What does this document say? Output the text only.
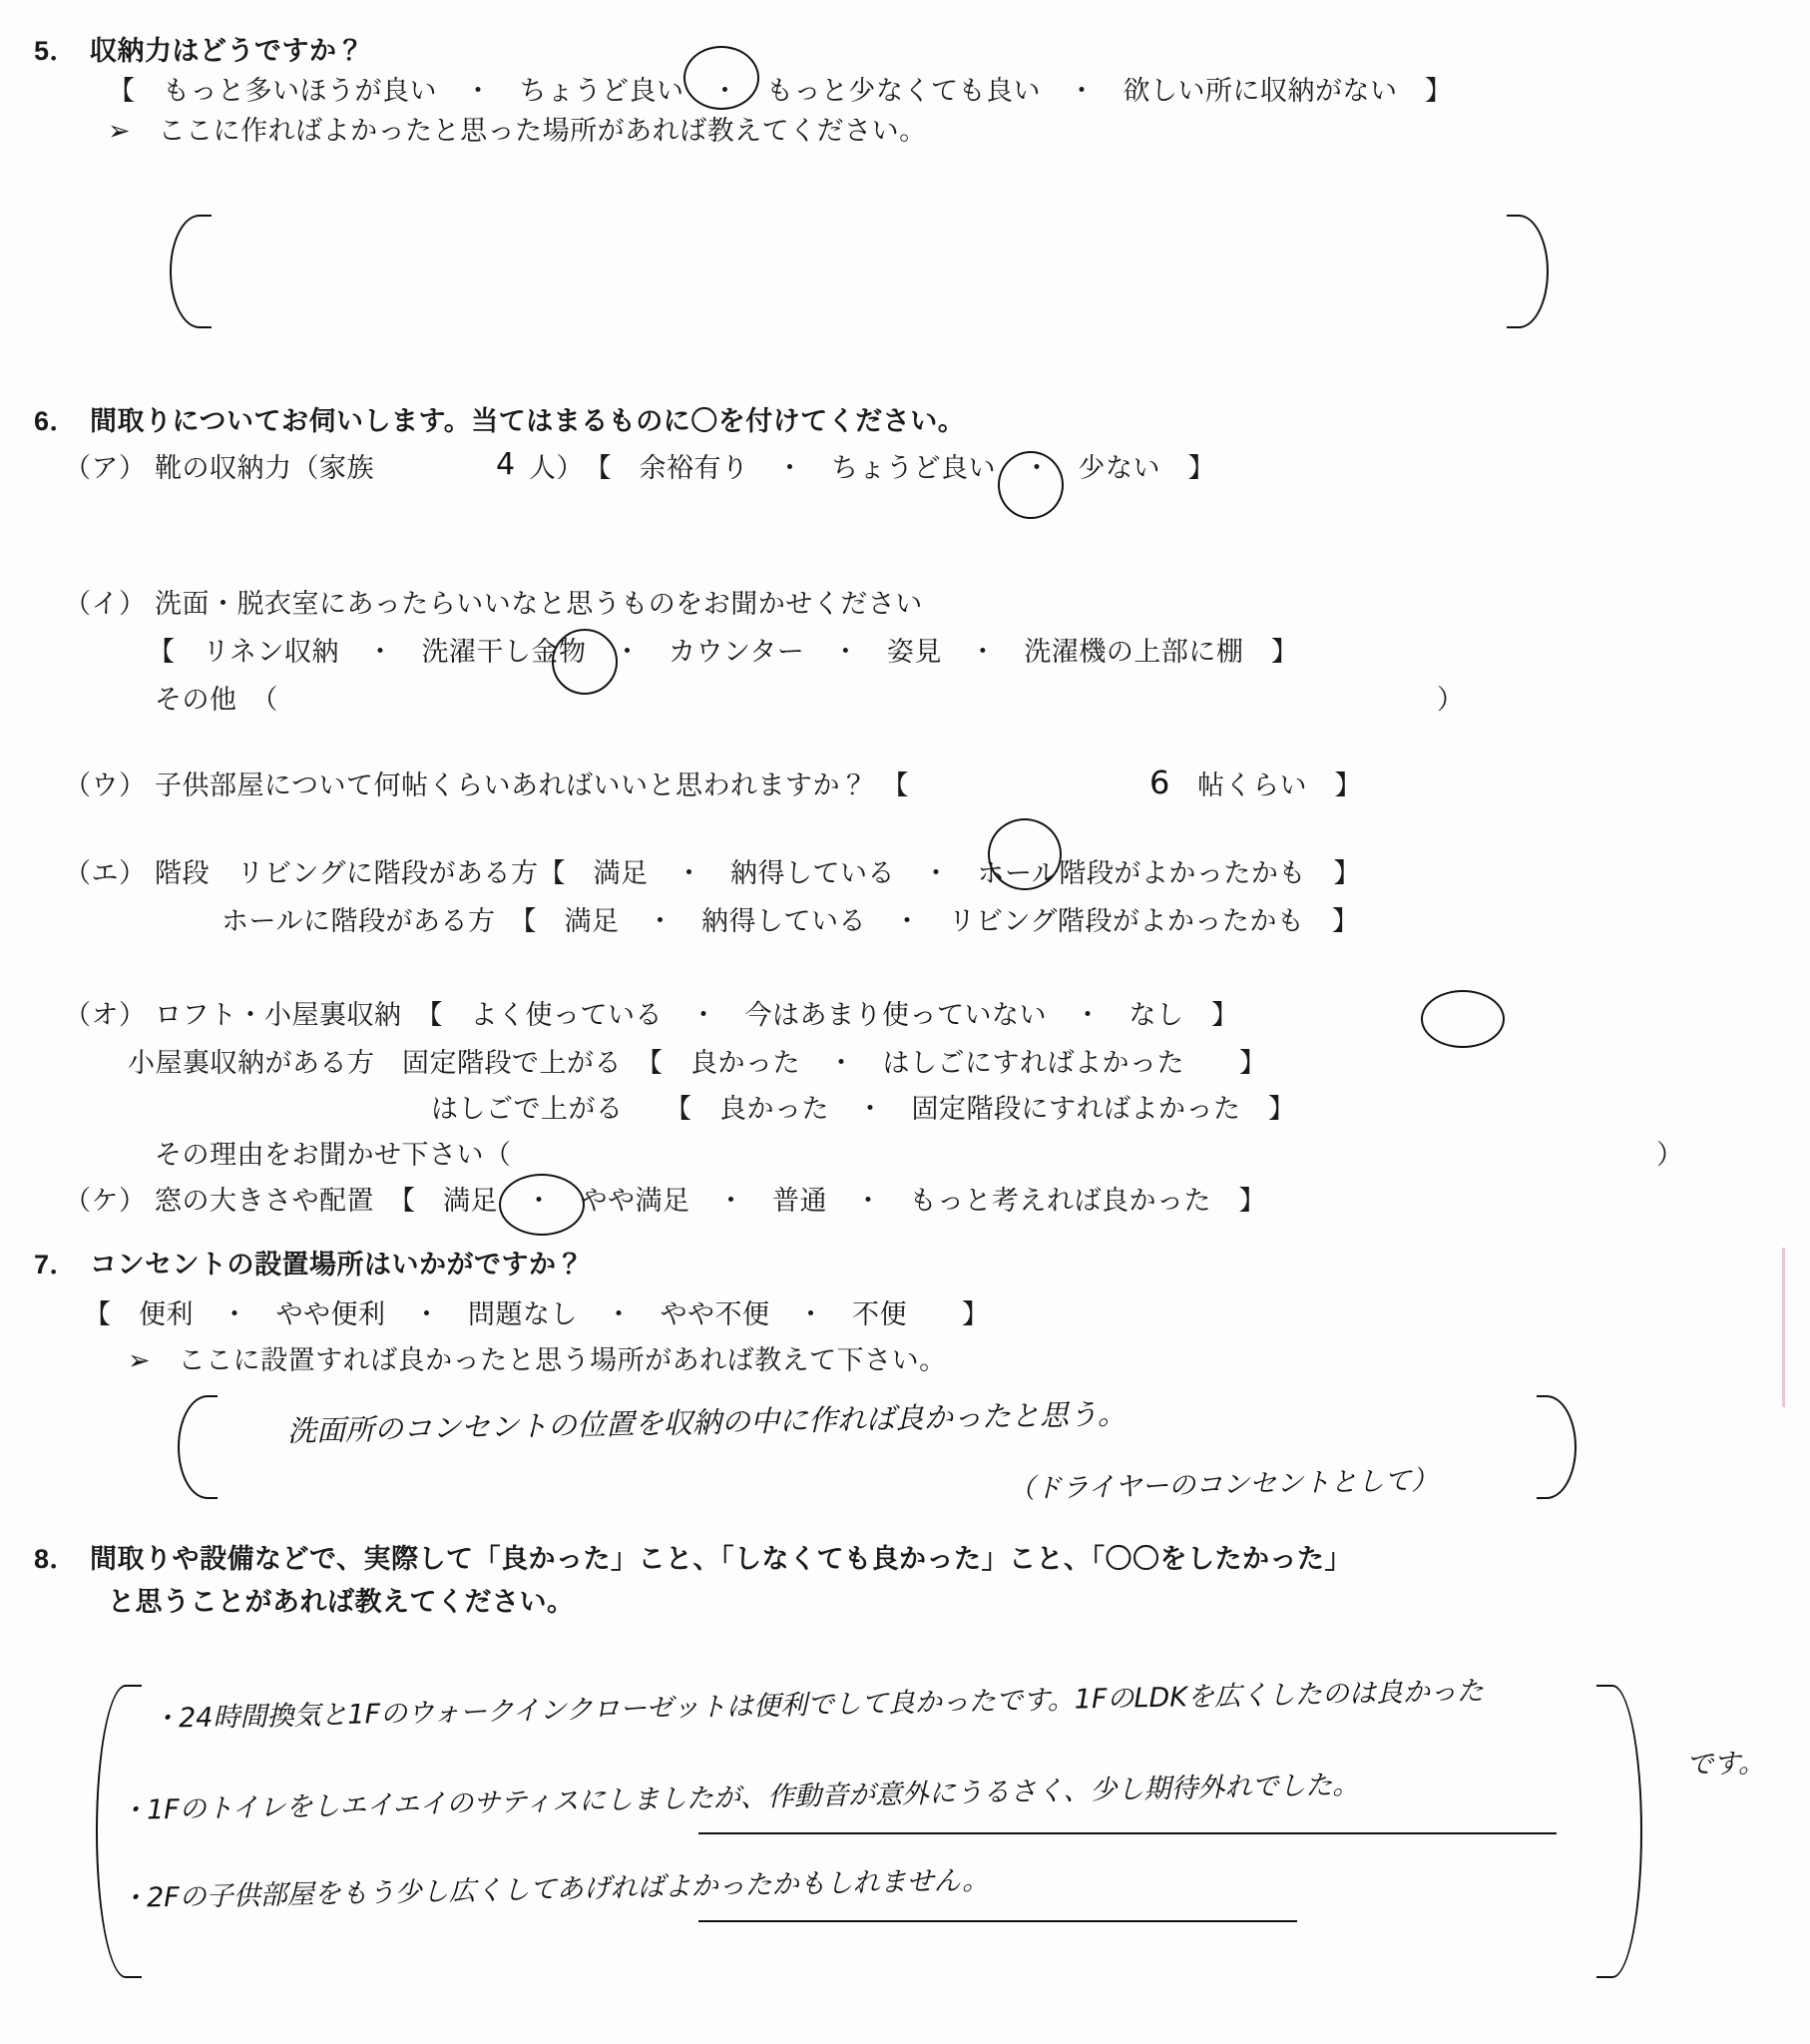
5． 収納力はどうですか？
【　もっと多いほうが良い　・　ちょうど良い　・　もっと少なくても良い　・　欲しい所に収納がない　】
➢　ここに作ればよかったと思った場所があれば教えてください。
6． 間取りについてお伺いします。当てはまるものに〇を付けてください。
（ア） 靴の収納力（家族	4 人）　【　余裕有り　・　ちょうど良い　・　少ない　】
（イ） 洗面・脱衣室にあったらいいなと思うものをお聞かせください
【　リネン収納　・　洗濯干し金物　・　カウンター　・　姿見　・　洗濯機の上部に棚　】
その他　（	）
（ウ） 子供部屋について何帖くらいあればいいと思われますか？　【	6 帖くらい　】
（エ） 階段　リビングに階段がある方【　満足　・　納得している　・　ホール階段がよかったかも　】
ホールに階段がある方　【　満足　・　納得している　・　リビング階段がよかったかも　】
（オ） ロフト・小屋裏収納　【　よく使っている　・　今はあまり使っていない　・　なし　】
小屋裏収納がある方　固定階段で上がる　【　良かった　・　はしごにすればよかった　　】
はしごで上がる　　【　良かった　・　固定階段にすればよかった　】
その理由をお聞かせ下さい（	）
（ケ） 窓の大きさや配置　【　満足　・　やや満足　・　普通　・　もっと考えれば良かった　】
7． コンセントの設置場所はいかがですか？
【　便利　・　やや便利　・　問題なし　・　やや不便　・　不便　　】
➢　ここに設置すれば良かったと思う場所があれば教えて下さい。
洗面所のコンセントの位置を収納の中に作れば良かったと思う。
（ドライヤーのコンセントとして）
8． 間取りや設備などで、実際して「良かった」こと、「しなくても良かった」こと、「〇〇をしたかった」
と思うことがあれば教えてください。
・24時間換気と1Fのウォークインクローゼットは便利でして良かったです。1FのLDKを広くしたのは良かった
です。
・1Fのトイレをしエイエイのサティスにしましたが、作動音が意外にうるさく、少し期待外れでした。
・2Fの子供部屋をもう少し広くしてあげればよかったかもしれません。
